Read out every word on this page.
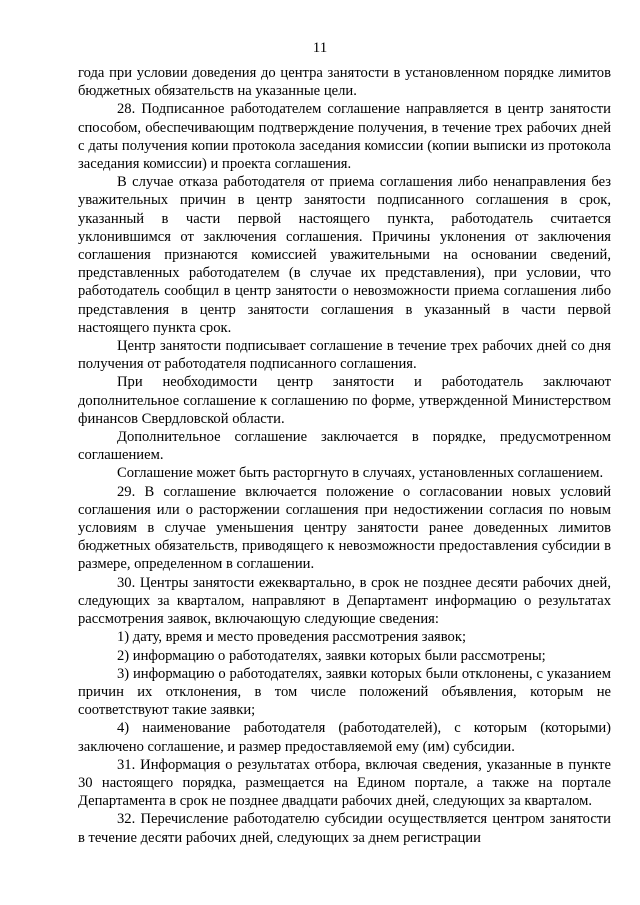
11

года при условии доведения до центра занятости в установленном порядке лимитов бюджетных обязательств на указанные цели.

28. Подписанное работодателем соглашение направляется в центр занятости способом, обеспечивающим подтверждение получения, в течение трех рабочих дней с даты получения копии протокола заседания комиссии (копии выписки из протокола заседания комиссии) и проекта соглашения.

В случае отказа работодателя от приема соглашения либо ненаправления без уважительных причин в центр занятости подписанного соглашения в срок, указанный в части первой настоящего пункта, работодатель считается уклонившимся от заключения соглашения. Причины уклонения от заключения соглашения признаются комиссией уважительными на основании сведений, представленных работодателем (в случае их представления), при условии, что работодатель сообщил в центр занятости о невозможности приема соглашения либо представления в центр занятости соглашения в указанный в части первой настоящего пункта срок.

Центр занятости подписывает соглашение в течение трех рабочих дней со дня получения от работодателя подписанного соглашения.

При необходимости центр занятости и работодатель заключают дополнительное соглашение к соглашению по форме, утвержденной Министерством финансов Свердловской области.

Дополнительное соглашение заключается в порядке, предусмотренном соглашением.

Соглашение может быть расторгнуто в случаях, установленных соглашением.

29. В соглашение включается положение о согласовании новых условий соглашения или о расторжении соглашения при недостижении согласия по новым условиям в случае уменьшения центру занятости ранее доведенных лимитов бюджетных обязательств, приводящего к невозможности предоставления субсидии в размере, определенном в соглашении.

30. Центры занятости ежеквартально, в срок не позднее десяти рабочих дней, следующих за кварталом, направляют в Департамент информацию о результатах рассмотрения заявок, включающую следующие сведения:

1) дату, время и место проведения рассмотрения заявок;

2) информацию о работодателях, заявки которых были рассмотрены;

3) информацию о работодателях, заявки которых были отклонены, с указанием причин их отклонения, в том числе положений объявления, которым не соответствуют такие заявки;

4) наименование работодателя (работодателей), с которым (которыми) заключено соглашение, и размер предоставляемой ему (им) субсидии.

31. Информация о результатах отбора, включая сведения, указанные в пункте 30 настоящего порядка, размещается на Едином портале, а также на портале Департамента в срок не позднее двадцати рабочих дней, следующих за кварталом.

32. Перечисление работодателю субсидии осуществляется центром занятости в течение десяти рабочих дней, следующих за днем регистрации
